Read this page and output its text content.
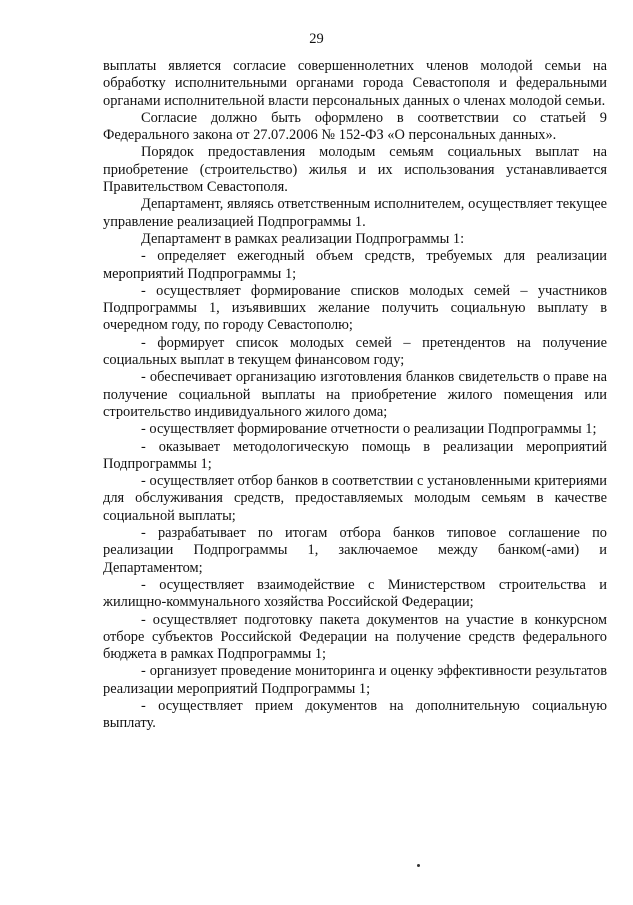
29

выплаты является согласие совершеннолетних членов молодой семьи на обработку исполнительными органами города Севастополя и федеральными органами исполнительной власти персональных данных о членах молодой семьи.

Согласие должно быть оформлено в соответствии со статьей 9 Федерального закона от 27.07.2006 № 152-ФЗ «О персональных данных».

Порядок предоставления молодым семьям социальных выплат на приобретение (строительство) жилья и их использования устанавливается Правительством Севастополя.

Департамент, являясь ответственным исполнителем, осуществляет текущее управление реализацией Подпрограммы 1.

Департамент в рамках реализации Подпрограммы 1:

- определяет ежегодный объем средств, требуемых для реализации мероприятий Подпрограммы 1;

- осуществляет формирование списков молодых семей – участников Подпрограммы 1, изъявивших желание получить социальную выплату в очередном году, по городу Севастополю;

- формирует список молодых семей – претендентов на получение социальных выплат в текущем финансовом году;

- обеспечивает организацию изготовления бланков свидетельств о праве на получение социальной выплаты на приобретение жилого помещения или строительство индивидуального жилого дома;

- осуществляет формирование отчетности о реализации Подпрограммы 1;

- оказывает методологическую помощь в реализации мероприятий Подпрограммы 1;

- осуществляет отбор банков в соответствии с установленными критериями для обслуживания средств, предоставляемых молодым семьям в качестве социальной выплаты;

- разрабатывает по итогам отбора банков типовое соглашение по реализации Подпрограммы 1, заключаемое между банком(-ами) и Департаментом;

- осуществляет взаимодействие с Министерством строительства и жилищно-коммунального хозяйства Российской Федерации;

- осуществляет подготовку пакета документов на участие в конкурсном отборе субъектов Российской Федерации на получение средств федерального бюджета в рамках Подпрограммы 1;

- организует проведение мониторинга и оценку эффективности результатов реализации мероприятий Подпрограммы 1;

- осуществляет прием документов на дополнительную социальную выплату.
